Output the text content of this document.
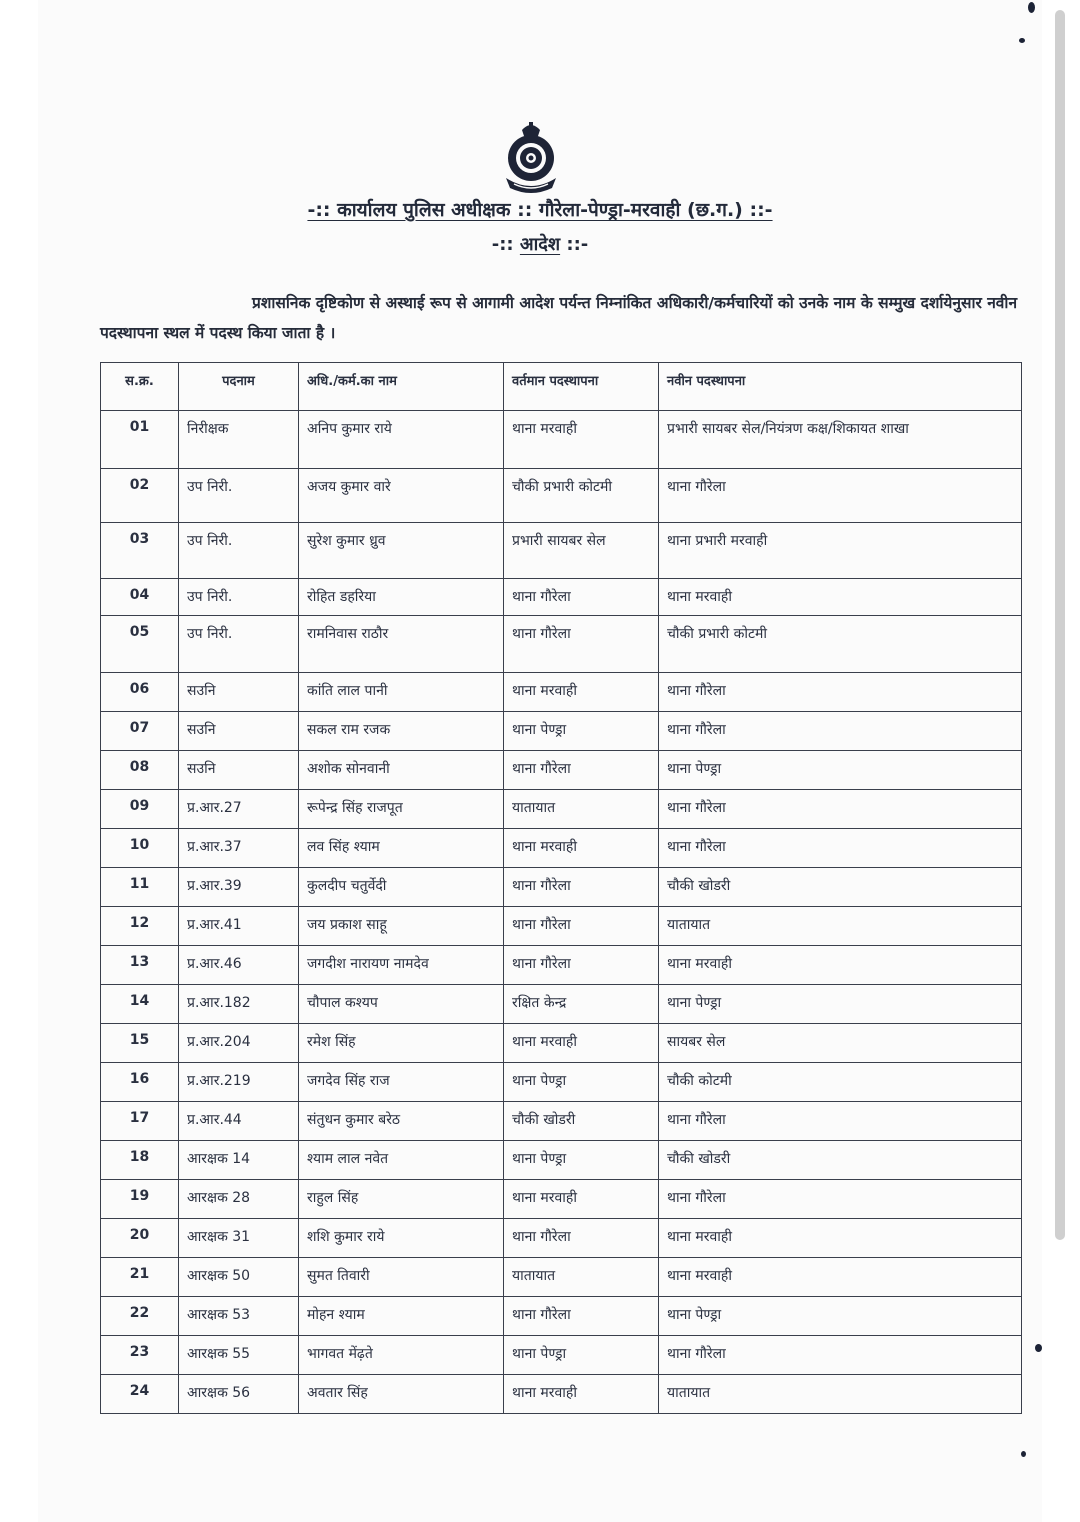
-:: कार्यालय पुलिस अधीक्षक :: गौरेला-पेण्ड्रा-मरवाही (छ.ग.) ::-
-:: आदेश ::-
प्रशासनिक दृष्टिकोण से अस्थाई रूप से आगामी आदेश पर्यन्त निम्नांकित अधिकारी/कर्मचारियों को उनके नाम के सम्मुख दर्शायेनुसार नवीन पदस्थापना स्थल में पदस्थ किया जाता है ।
स.क्र.	पदनाम	अधि./कर्म.का नाम	वर्तमान पदस्थापना	नवीन पदस्थापना
01	निरीक्षक	अनिप कुमार राये	थाना मरवाही	प्रभारी सायबर सेल/नियंत्रण कक्ष/शिकायत शाखा
02	उप निरी.	अजय कुमार वारे	चौकी प्रभारी कोटमी	थाना गौरेला
03	उप निरी.	सुरेश कुमार ध्रुव	प्रभारी सायबर सेल	थाना प्रभारी मरवाही
04	उप निरी.	रोहित डहरिया	थाना गौरेला	थाना मरवाही
05	उप निरी.	रामनिवास राठौर	थाना गौरेला	चौकी प्रभारी कोटमी
06	सउनि	कांति लाल पानी	थाना मरवाही	थाना गौरेला
07	सउनि	सकल राम रजक	थाना पेण्ड्रा	थाना गौरेला
08	सउनि	अशोक सोनवानी	थाना गौरेला	थाना पेण्ड्रा
09	प्र.आर.27	रूपेन्द्र सिंह राजपूत	यातायात	थाना गौरेला
10	प्र.आर.37	लव सिंह श्याम	थाना मरवाही	थाना गौरेला
11	प्र.आर.39	कुलदीप चतुर्वेदी	थाना गौरेला	चौकी खोडरी
12	प्र.आर.41	जय प्रकाश साहू	थाना गौरेला	यातायात
13	प्र.आर.46	जगदीश नारायण नामदेव	थाना गौरेला	थाना मरवाही
14	प्र.आर.182	चौपाल कश्यप	रक्षित केन्द्र	थाना पेण्ड्रा
15	प्र.आर.204	रमेश सिंह	थाना मरवाही	सायबर सेल
16	प्र.आर.219	जगदेव सिंह राज	थाना पेण्ड्रा	चौकी कोटमी
17	प्र.आर.44	संतुधन कुमार बरेठ	चौकी खोडरी	थाना गौरेला
18	आरक्षक 14	श्याम लाल नवेत	थाना पेण्ड्रा	चौकी खोडरी
19	आरक्षक 28	राहुल सिंह	थाना मरवाही	थाना गौरेला
20	आरक्षक 31	शशि कुमार राये	थाना गौरेला	थाना मरवाही
21	आरक्षक 50	सुमत तिवारी	यातायात	थाना मरवाही
22	आरक्षक 53	मोहन श्याम	थाना गौरेला	थाना पेण्ड्रा
23	आरक्षक 55	भागवत मेंढ़ते	थाना पेण्ड्रा	थाना गौरेला
24	आरक्षक 56	अवतार सिंह	थाना मरवाही	यातायात
